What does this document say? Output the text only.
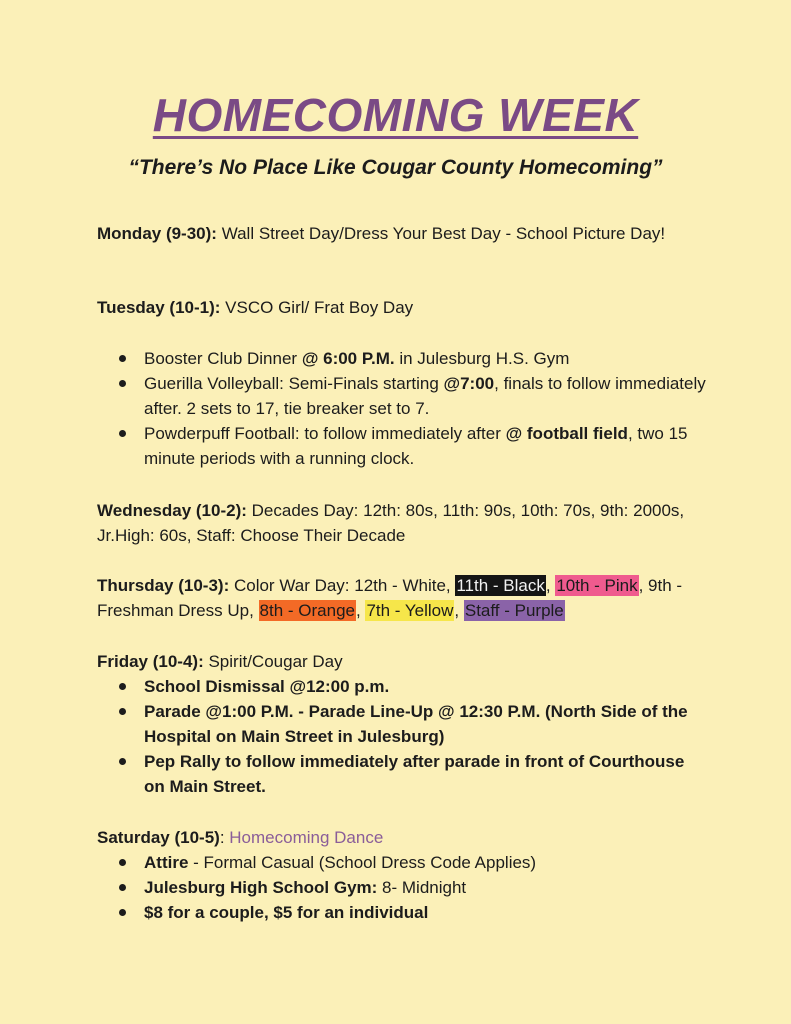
HOMECOMING WEEK
“There’s No Place Like Cougar County Homecoming”
Monday (9-30): Wall Street Day/Dress Your Best Day - School Picture Day!
Tuesday (10-1): VSCO Girl/ Frat Boy Day
Booster Club Dinner @ 6:00 P.M. in Julesburg H.S. Gym
Guerilla Volleyball: Semi-Finals starting @7:00, finals to follow immediately after. 2 sets to 17, tie breaker set to 7.
Powderpuff Football: to follow immediately after @ football field, two 15 minute periods with a running clock.
Wednesday (10-2): Decades Day: 12th: 80s, 11th: 90s, 10th: 70s, 9th: 2000s, Jr.High: 60s, Staff: Choose Their Decade
Thursday (10-3): Color War Day: 12th - White, 11th - Black, 10th - Pink, 9th - Freshman Dress Up, 8th - Orange, 7th - Yellow, Staff - Purple
Friday (10-4): Spirit/Cougar Day
School Dismissal @12:00 p.m.
Parade @1:00 P.M. - Parade Line-Up @ 12:30 P.M. (North Side of the Hospital on Main Street in Julesburg)
Pep Rally to follow immediately after parade in front of Courthouse on Main Street.
Saturday (10-5): Homecoming Dance
Attire - Formal Casual (School Dress Code Applies)
Julesburg High School Gym: 8- Midnight
$8 for a couple, $5 for an individual
